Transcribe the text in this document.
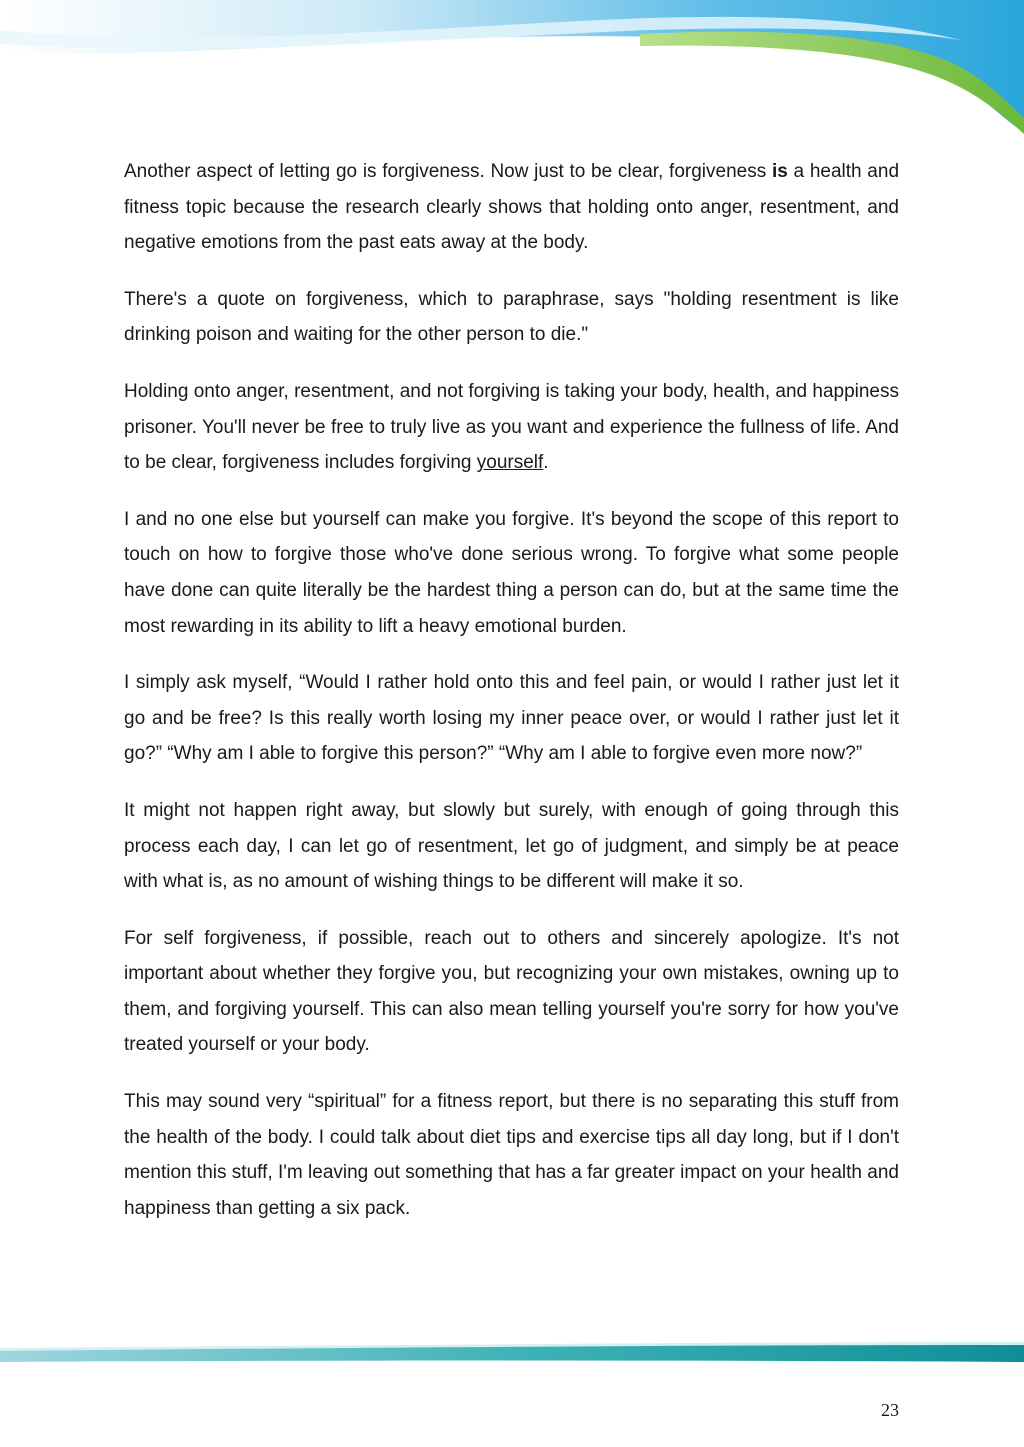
Another aspect of letting go is forgiveness. Now just to be clear, forgiveness is a health and fitness topic because the research clearly shows that holding onto anger, resentment, and negative emotions from the past eats away at the body.

There's a quote on forgiveness, which to paraphrase, says "holding resentment is like drinking poison and waiting for the other person to die."

Holding onto anger, resentment, and not forgiving is taking your body, health, and happiness prisoner. You'll never be free to truly live as you want and experience the fullness of life. And to be clear, forgiveness includes forgiving yourself.

I and no one else but yourself can make you forgive. It's beyond the scope of this report to touch on how to forgive those who've done serious wrong. To forgive what some people have done can quite literally be the hardest thing a person can do, but at the same time the most rewarding in its ability to lift a heavy emotional burden.

I simply ask myself, “Would I rather hold onto this and feel pain, or would I rather just let it go and be free? Is this really worth losing my inner peace over, or would I rather just let it go?” “Why am I able to forgive this person?” “Why am I able to forgive even more now?”

It might not happen right away, but slowly but surely, with enough of going through this process each day, I can let go of resentment, let go of judgment, and simply be at peace with what is, as no amount of wishing things to be different will make it so.

For self forgiveness, if possible, reach out to others and sincerely apologize. It's not important about whether they forgive you, but recognizing your own mistakes, owning up to them, and forgiving yourself. This can also mean telling yourself you're sorry for how you've treated yourself or your body.

This may sound very “spiritual” for a fitness report, but there is no separating this stuff from the health of the body. I could talk about diet tips and exercise tips all day long, but if I don't mention this stuff, I'm leaving out something that has a far greater impact on your health and happiness than getting a six pack.

23
